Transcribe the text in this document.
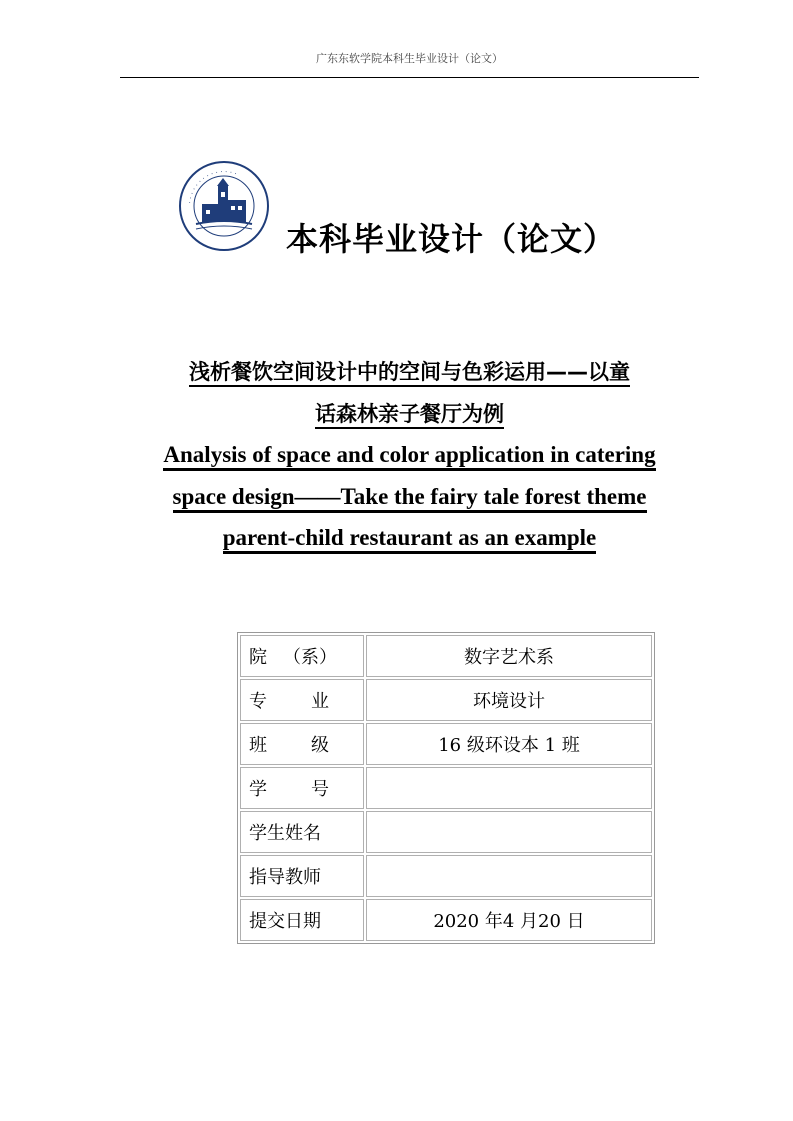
广东东软学院本科生毕业设计（论文）
· · · · · · · · · · · · · ·
本科毕业设计（论文）
浅析餐饮空间设计中的空间与色彩运用——以童
话森林亲子餐厅为例
Analysis of space and color application in catering
space design——Take the fairy tale forest theme
parent-child restaurant as an example
院 （系）	数字艺术系

专 业	环境设计

班 级	16 级环设本 1 班

学 号	

学生姓名	
指导教师	
提交日期	2020 年4 月20 日
